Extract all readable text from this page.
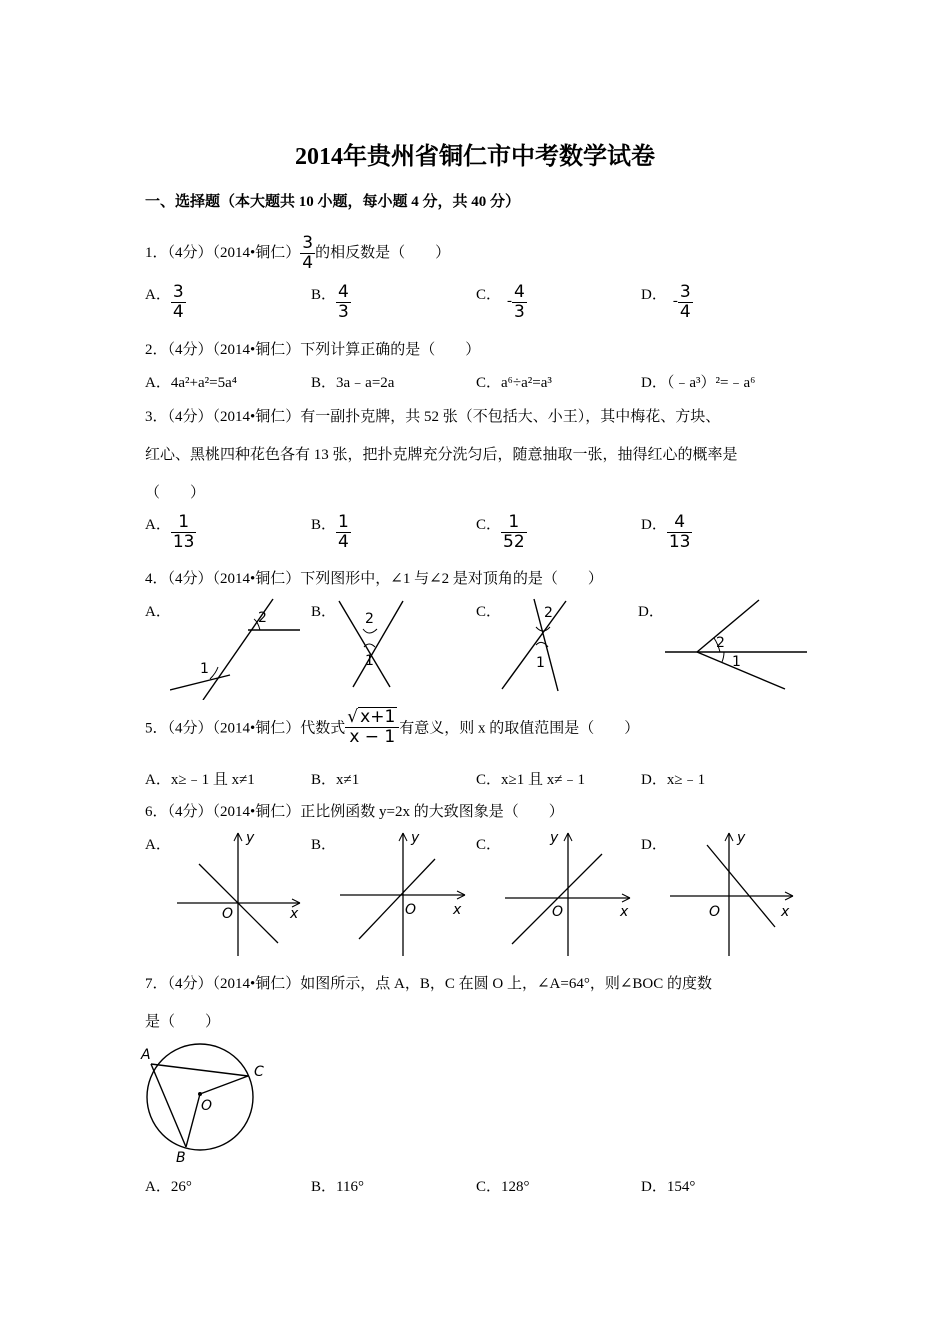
2014年贵州省铜仁市中考数学试卷
一、选择题（本大题共 10 小题，每小题 4 分，共 40 分）
1．（4分）（2014•铜仁） $\frac{3}{4}$ 的相反数是（　　）
A． $\frac{3}{4}$	B． $\frac{4}{3}$	C． - $\frac{4}{3}$	D． - $\frac{3}{4}$
2．（4分）（2014•铜仁）下列计算正确的是（　　）
A．4a²+a²=5a⁴	B．3a﹣a=2a	C．a⁶÷a²=a³	D．（﹣a³）²=﹣a⁶
3．（4分）（2014•铜仁）有一副扑克牌，共 52 张（不包括大、小王），其中梅花、方块、
红心、黑桃四种花色各有 13 张，把扑克牌充分洗匀后，随意抽取一张，抽得红心的概率是
（　　）
A． $\frac{1}{13}$	B． $\frac{1}{4}$	C． $\frac{1}{52}$	D． $\frac{4}{13}$
4．（4分）（2014•铜仁）下列图形中，∠1 与∠2 是对顶角的是（　　）
A．	B．	C．	D．
1
2	2
1
2
1
2
1
5．（4分）（2014•铜仁）代数式 $\frac{√ x+1}{x - 1}$ 有意义，则 x 的取值范围是（　　）
A．x≥﹣1 且 x≠1	B．x≠1	C．x≥1 且 x≠﹣1	D．x≥﹣1
6．（4分）（2014•铜仁）正比例函数 y=2x 的大致图象是（　　）
A．	B．	C．	D．
y
x
O
y
x
O
y
x
O
y
x
O
7．（4分）（2014•铜仁）如图所示，点 A，B，C 在圆 O 上，∠A=64°，则∠BOC 的度数
是（　　）
A
C
O
B
A．26°	B．116°	C．128°	D．154°
